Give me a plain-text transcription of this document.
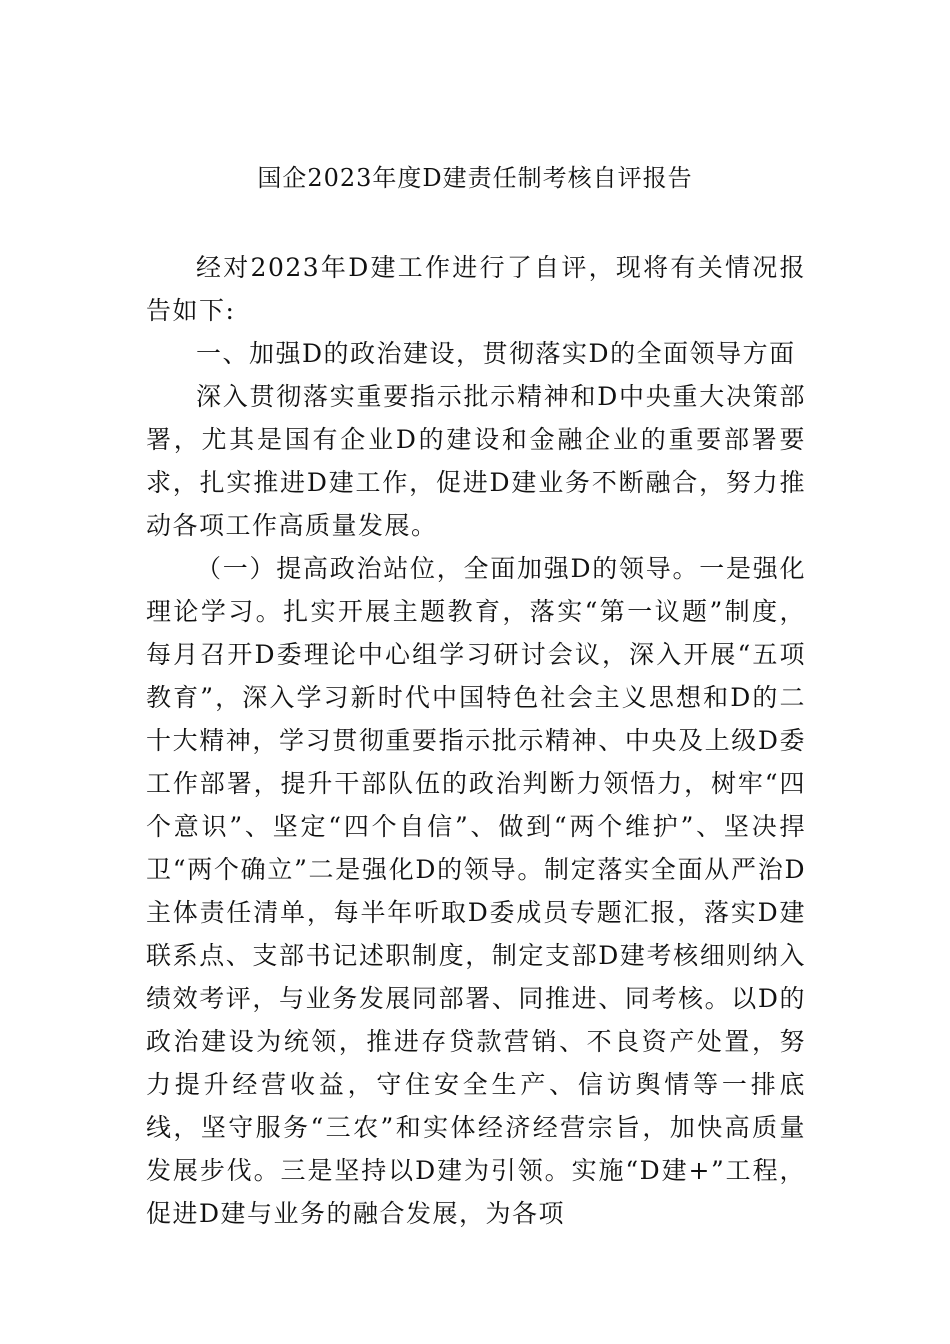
国企2023年度D建责任制考核自评报告

经对2023年D建工作进行了自评，现将有关情况报告如下:

一、加强D的政治建设，贯彻落实D的全面领导方面

深入贯彻落实重要指示批示精神和D中央重大决策部署，尤其是国有企业D的建设和金融企业的重要部署要求，扎实推进D建工作，促进D建业务不断融合，努力推动各项工作高质量发展。

（一）提高政治站位，全面加强D的领导。一是强化理论学习。扎实开展主题教育，落实“第一议题”制度，每月召开D委理论中心组学习研讨会议，深入开展“五项教育”，深入学习新时代中国特色社会主义思想和D的二十大精神，学习贯彻重要指示批示精神、中央及上级D委工作部署，提升干部队伍的政治判断力领悟力，树牢“四个意识”、坚定“四个自信”、做到“两个维护”、坚决捍卫“两个确立”二是强化D的领导。制定落实全面从严治D主体责任清单，每半年听取D委成员专题汇报，落实D建联系点、支部书记述职制度，制定支部D建考核细则纳入绩效考评，与业务发展同部署、同推进、同考核。以D的政治建设为统领，推进存贷款营销、不良资产处置，努力提升经营收益，守住安全生产、信访舆情等一排底线，坚守服务“三农”和实体经济经营宗旨，加快高质量发展步伐。三是坚持以D建为引领。实施“D建+”工程，促进D建与业务的融合发展，为各项
